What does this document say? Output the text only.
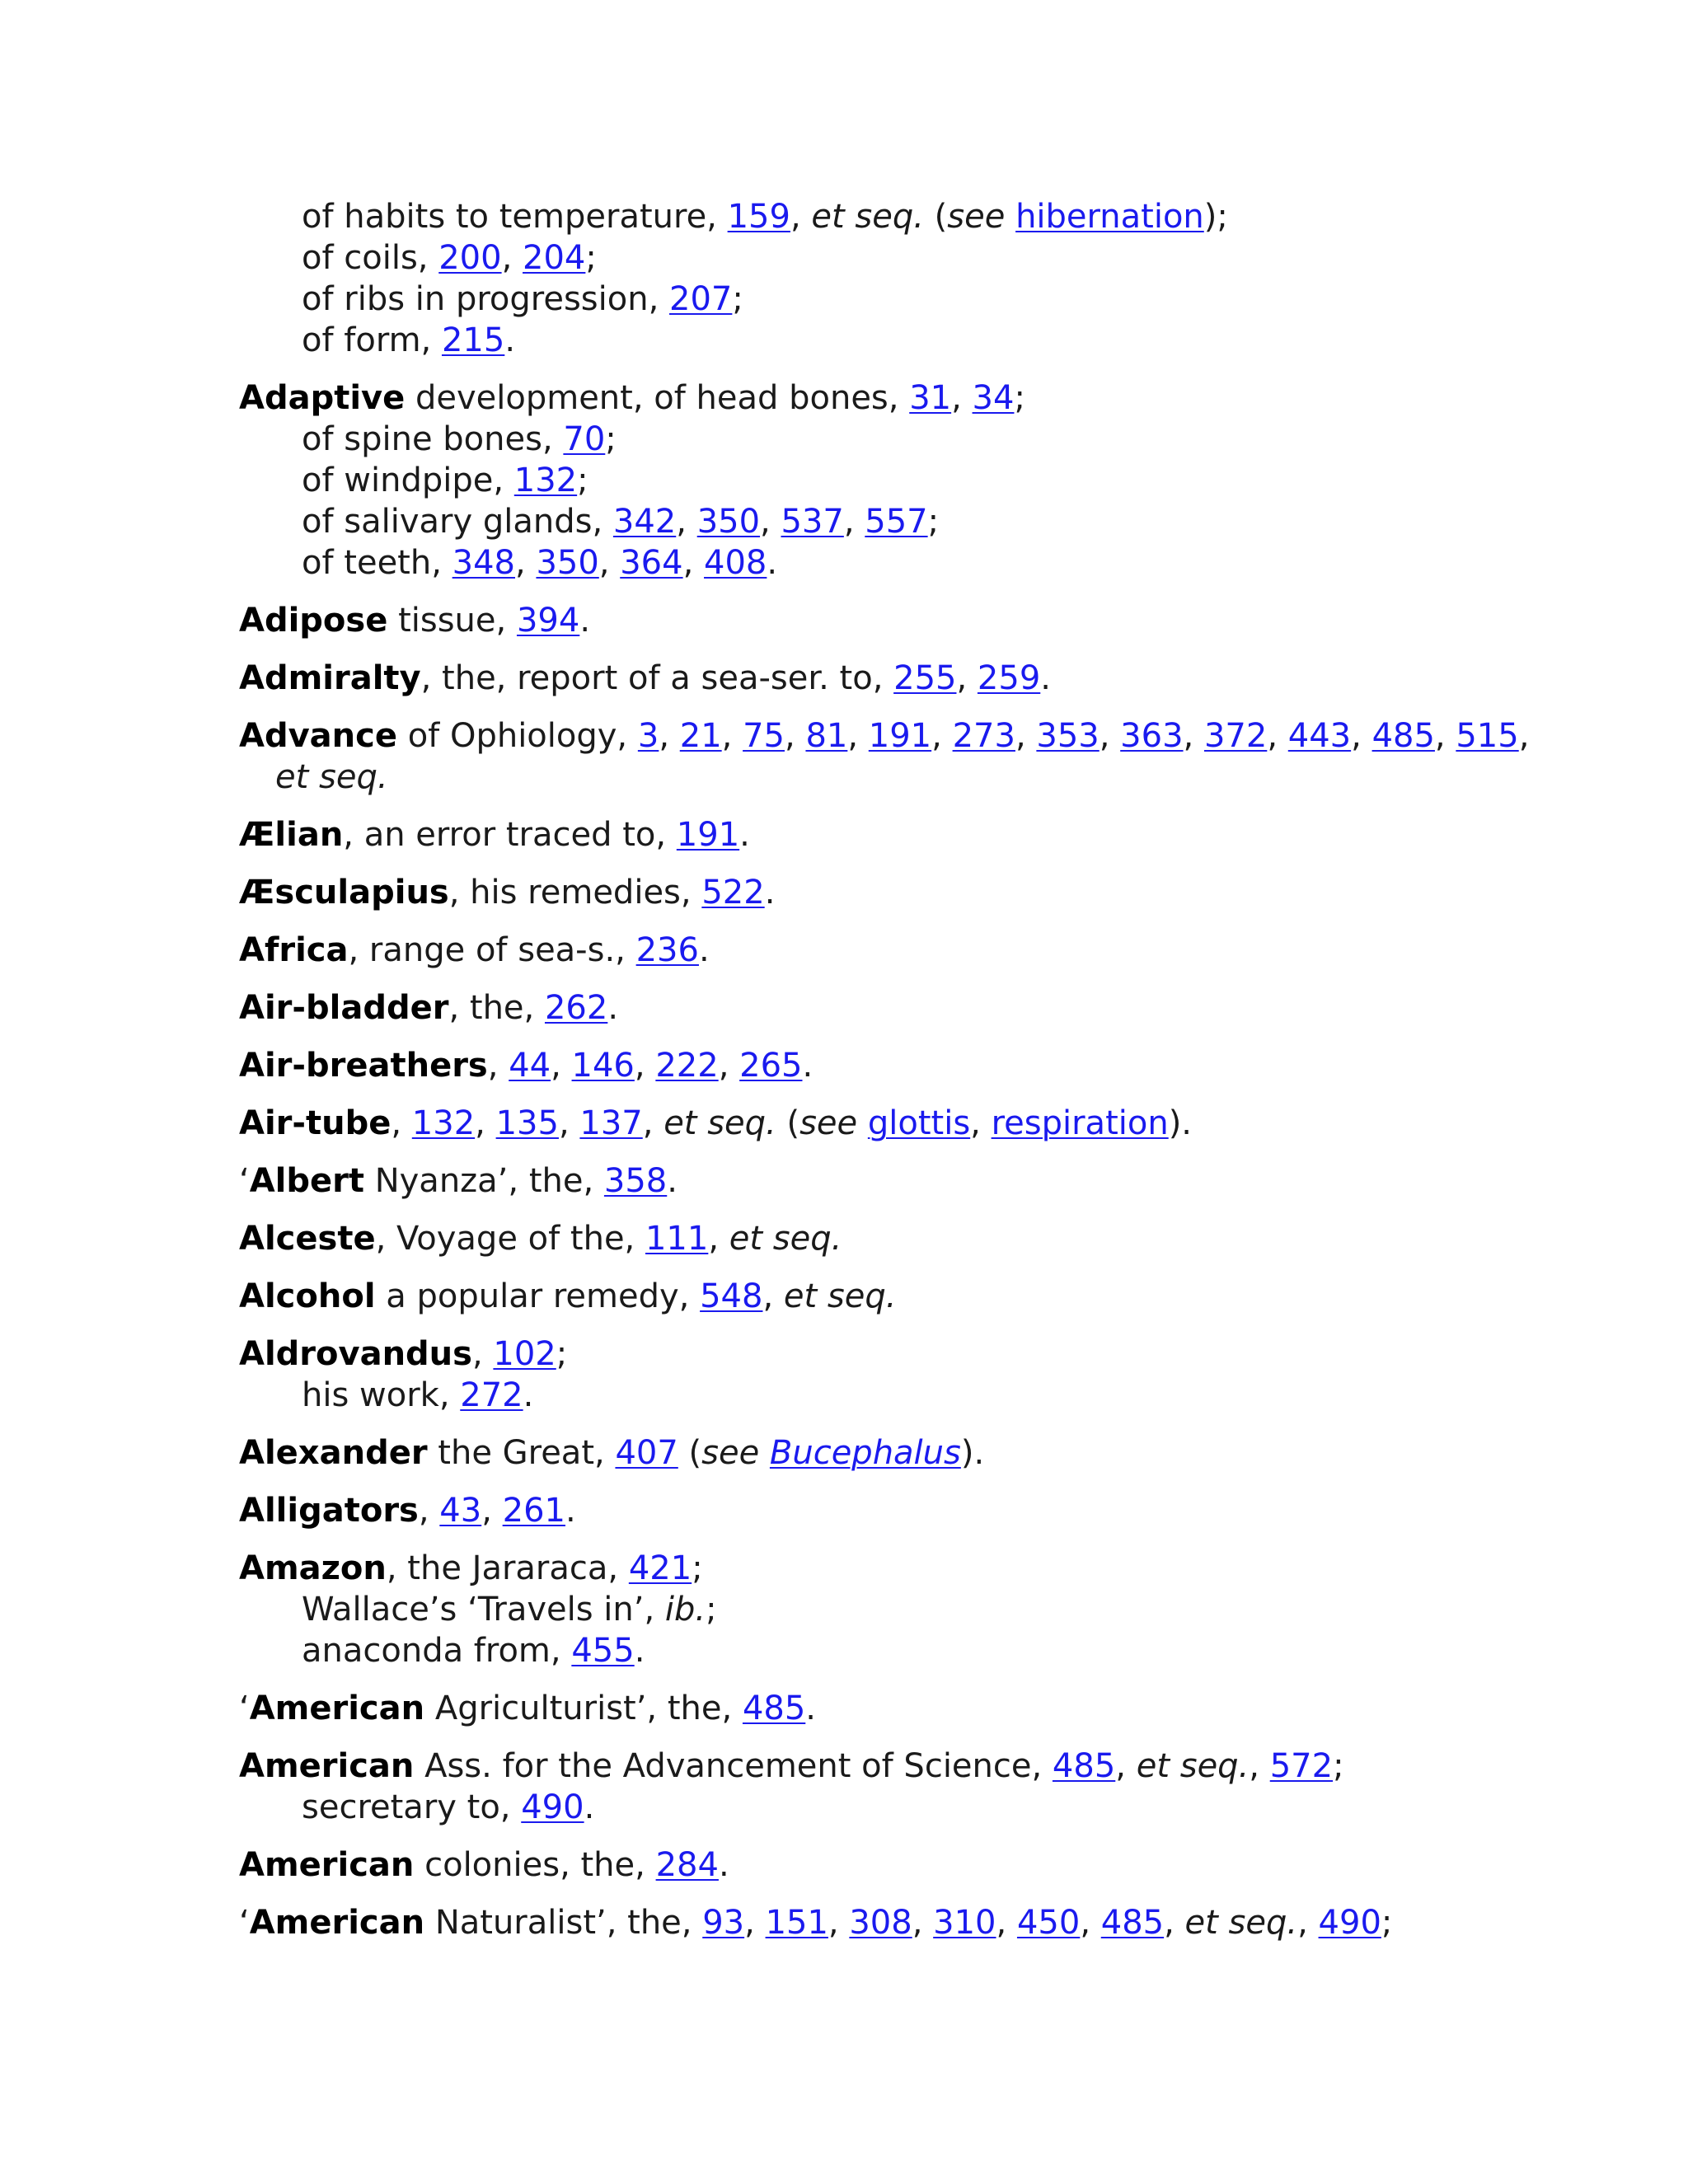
of habits to temperature, 159, et seq. (see hibernation);
of coils, 200, 204;
of ribs in progression, 207;
of form, 215.
Adaptive development, of head bones, 31, 34;
of spine bones, 70;
of windpipe, 132;
of salivary glands, 342, 350, 537, 557;
of teeth, 348, 350, 364, 408.
Adipose tissue, 394.
Admiralty, the, report of a sea-ser. to, 255, 259.
Advance of Ophiology, 3, 21, 75, 81, 191, 273, 353, 363, 372, 443, 485, 515,
et seq.
Ælian, an error traced to, 191.
Æsculapius, his remedies, 522.
Africa, range of sea-s., 236.
Air-bladder, the, 262.
Air-breathers, 44, 146, 222, 265.
Air-tube, 132, 135, 137, et seq. (see glottis, respiration).
‘Albert Nyanza’, the, 358.
Alceste, Voyage of the, 111, et seq.
Alcohol a popular remedy, 548, et seq.
Aldrovandus, 102;
his work, 272.
Alexander the Great, 407 (see Bucephalus).
Alligators, 43, 261.
Amazon, the Jararaca, 421;
Wallace’s ‘Travels in’, ib.;
anaconda from, 455.
‘American Agriculturist’, the, 485.
American Ass. for the Advancement of Science, 485, et seq., 572;
secretary to, 490.
American colonies, the, 284.
‘American Naturalist’, the, 93, 151, 308, 310, 450, 485, et seq., 490;
